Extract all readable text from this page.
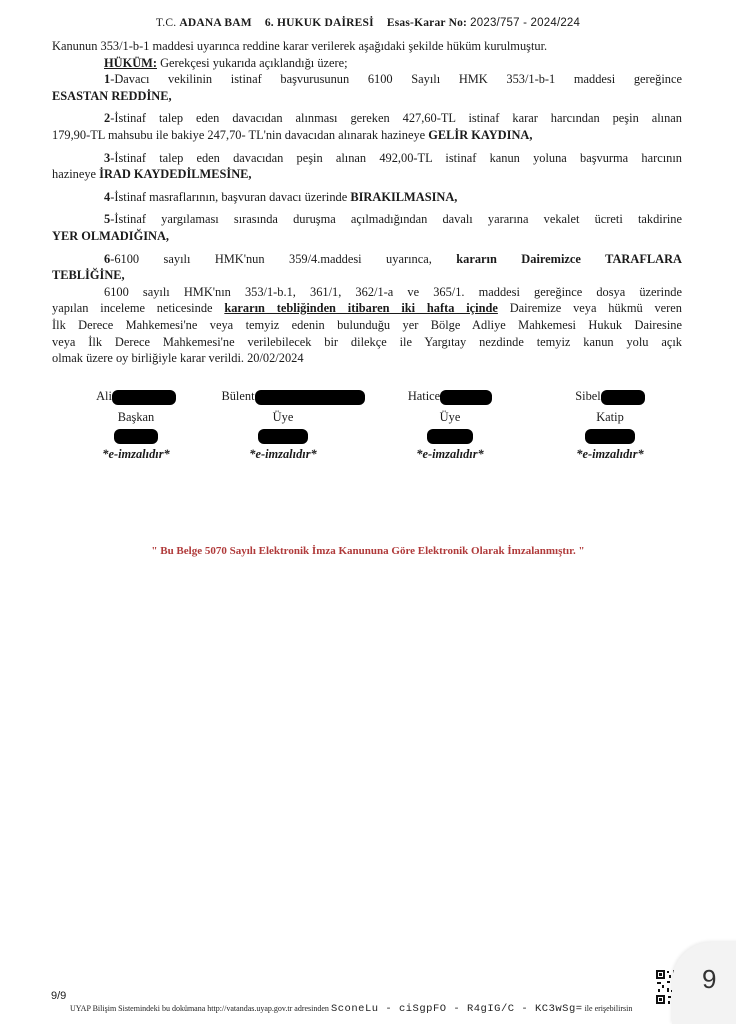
T.C. ADANA BAM 6. HUKUK DAİRESİ Esas-Karar No: 2023/757 - 2024/224

Kanunun 353/1-b-1 maddesi uyarınca reddine karar verilerek aşağıdaki şekilde hüküm kurulmuştur.

HÜKÜM: Gerekçesi yukarıda açıklandığı üzere;

1-Davacı vekilinin istinaf başvurusunun 6100 Sayılı HMK 353/1-b-1 maddesi gereğince

ESASTAN REDDİNE,

2-İstinaf talep eden davacıdan alınması gereken 427,60-TL istinaf karar harcından peşin alınan

179,90-TL mahsubu ile bakiye 247,70- TL'nin davacıdan alınarak hazineye GELİR KAYDINA,

3-İstinaf talep eden davacıdan peşin alınan 492,00-TL istinaf kanun yoluna başvurma harcının

hazineye İRAD KAYDEDİLMESİNE,

4-İstinaf masraflarının, başvuran davacı üzerinde BIRAKILMASINA,

5-İstinaf yargılaması sırasında duruşma açılmadığından davalı yararına vekalet ücreti takdirine

YER OLMADIĞINA,

6-6100 sayılı HMK'nun 359/4.maddesi uyarınca, kararın Dairemizce TARAFLARA

TEBLİĞİNE,

6100 sayılı HMK'nın 353/1-b.1, 361/1, 362/1-a ve 365/1. maddesi gereğince dosya üzerinde

yapılan inceleme neticesinde kararın tebliğinden itibaren iki hafta içinde Dairemize veya hükmü veren

İlk Derece Mahkemesi'ne veya temyiz edenin bulunduğu yer Bölge Adliye Mahkemesi Hukuk Dairesine

veya İlk Derece Mahkemesi'ne verilebilecek bir dilekçe ile Yargıtay nezdinde temyiz kanun yolu açık

olmak üzere oy birliğiyle karar verildi. 20/02/2024

Ali
Başkan
*e-imzalıdır*
Bülent
Üye
*e-imzalıdır*
Hatice
Üye
*e-imzalıdır*
Sibel
Katip
*e-imzalıdır*
" Bu Belge 5070 Sayılı Elektronik İmza Kanununa Göre Elektronik Olarak İmzalanmıştır. "
9/9
UYAP Bilişim Sistemindeki bu dokümana http://vatandas.uyap.gov.tr adresinden SconeLu - ciSgpFO - R4gIG/C - KC3wSg= ile erişebilirsin
9
